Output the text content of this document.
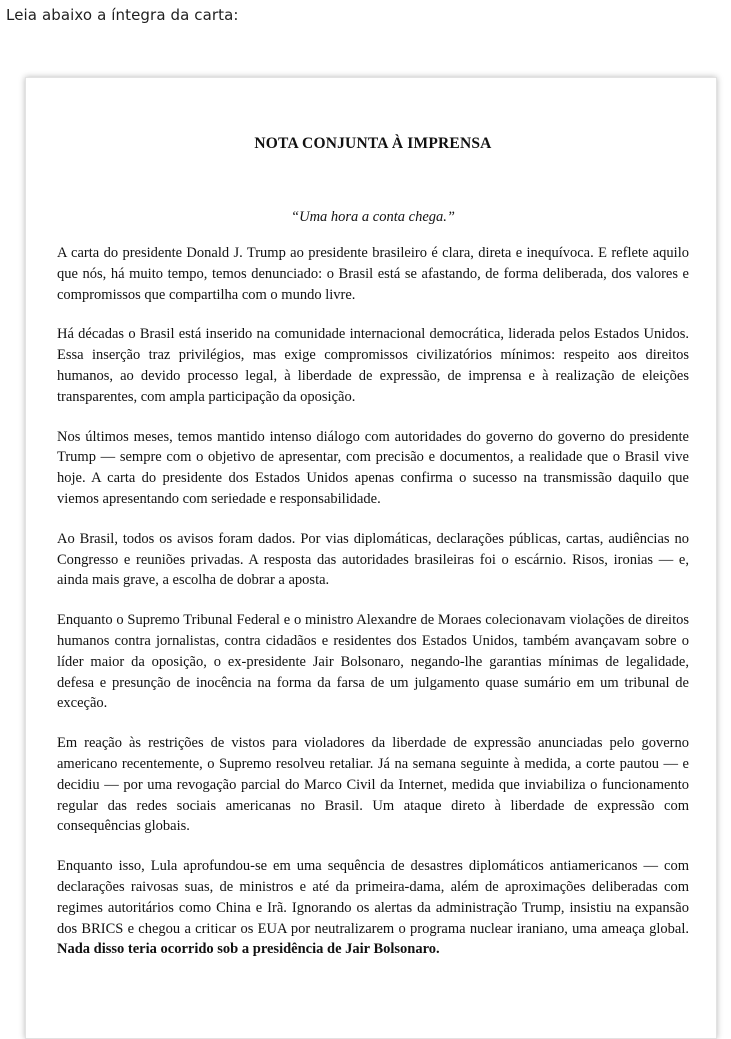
Leia abaixo a íntegra da carta:
NOTA CONJUNTA À IMPRENSA
“Uma hora a conta chega.”

A carta do presidente Donald J. Trump ao presidente brasileiro é clara, direta e inequívoca. E reflete aquilo que nós, há muito tempo, temos denunciado: o Brasil está se afastando, de forma deliberada, dos valores e compromissos que compartilha com o mundo livre.

Há décadas o Brasil está inserido na comunidade internacional democrática, liderada pelos Estados Unidos. Essa inserção traz privilégios, mas exige compromissos civilizatórios mínimos: respeito aos direitos humanos, ao devido processo legal, à liberdade de expressão, de imprensa e à realização de eleições transparentes, com ampla participação da oposição.

Nos últimos meses, temos mantido intenso diálogo com autoridades do governo do governo do presidente Trump — sempre com o objetivo de apresentar, com precisão e documentos, a realidade que o Brasil vive hoje. A carta do presidente dos Estados Unidos apenas confirma o sucesso na transmissão daquilo que viemos apresentando com seriedade e responsabilidade.

Ao Brasil, todos os avisos foram dados. Por vias diplomáticas, declarações públicas, cartas, audiências no Congresso e reuniões privadas. A resposta das autoridades brasileiras foi o escárnio. Risos, ironias — e, ainda mais grave, a escolha de dobrar a aposta.

Enquanto o Supremo Tribunal Federal e o ministro Alexandre de Moraes colecionavam violações de direitos humanos contra jornalistas, contra cidadãos e residentes dos Estados Unidos, também avançavam sobre o líder maior da oposição, o ex-presidente Jair Bolsonaro, negando-lhe garantias mínimas de legalidade, defesa e presunção de inocência na forma da farsa de um julgamento quase sumário em um tribunal de exceção.

Em reação às restrições de vistos para violadores da liberdade de expressão anunciadas pelo governo americano recentemente, o Supremo resolveu retaliar. Já na semana seguinte à medida, a corte pautou — e decidiu — por uma revogação parcial do Marco Civil da Internet, medida que inviabiliza o funcionamento regular das redes sociais americanas no Brasil. Um ataque direto à liberdade de expressão com consequências globais.

Enquanto isso, Lula aprofundou-se em uma sequência de desastres diplomáticos antiamericanos — com declarações raivosas suas, de ministros e até da primeira-dama, além de aproximações deliberadas com regimes autoritários como China e Irã. Ignorando os alertas da administração Trump, insistiu na expansão dos BRICS e chegou a criticar os EUA por neutralizarem o programa nuclear iraniano, uma ameaça global. Nada disso teria ocorrido sob a presidência de Jair Bolsonaro.
